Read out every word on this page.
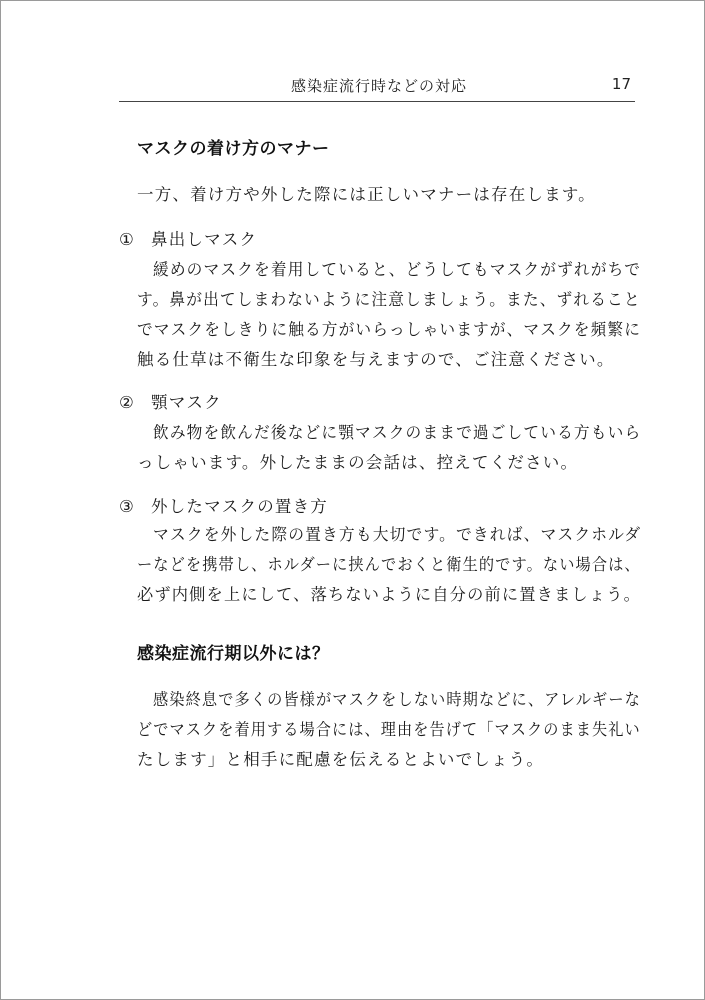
感染症流行時などの対応	17
マスクの着け方のマナー
一方、着け方や外した際には正しいマナーは存在します。
① 鼻出しマスク
緩めのマスクを着用していると、どうしてもマスクがずれがちで
す。鼻が出てしまわないように注意しましょう。また、ずれること
でマスクをしきりに触る方がいらっしゃいますが、マスクを頻繁に
触る仕草は不衛生な印象を与えますので、ご注意ください。
② 顎マスク
飲み物を飲んだ後などに顎マスクのままで過ごしている方もいら
っしゃいます。外したままの会話は、控えてください。
③ 外したマスクの置き方
マスクを外した際の置き方も大切です。できれば、マスクホルダ
ーなどを携帯し、ホルダーに挟んでおくと衛生的です。ない場合は、
必ず内側を上にして、落ちないように自分の前に置きましょう。
感染症流行期以外には？
感染終息で多くの皆様がマスクをしない時期などに、アレルギーな
どでマスクを着用する場合には、理由を告げて「マスクのまま失礼い
たします」と相手に配慮を伝えるとよいでしょう。
